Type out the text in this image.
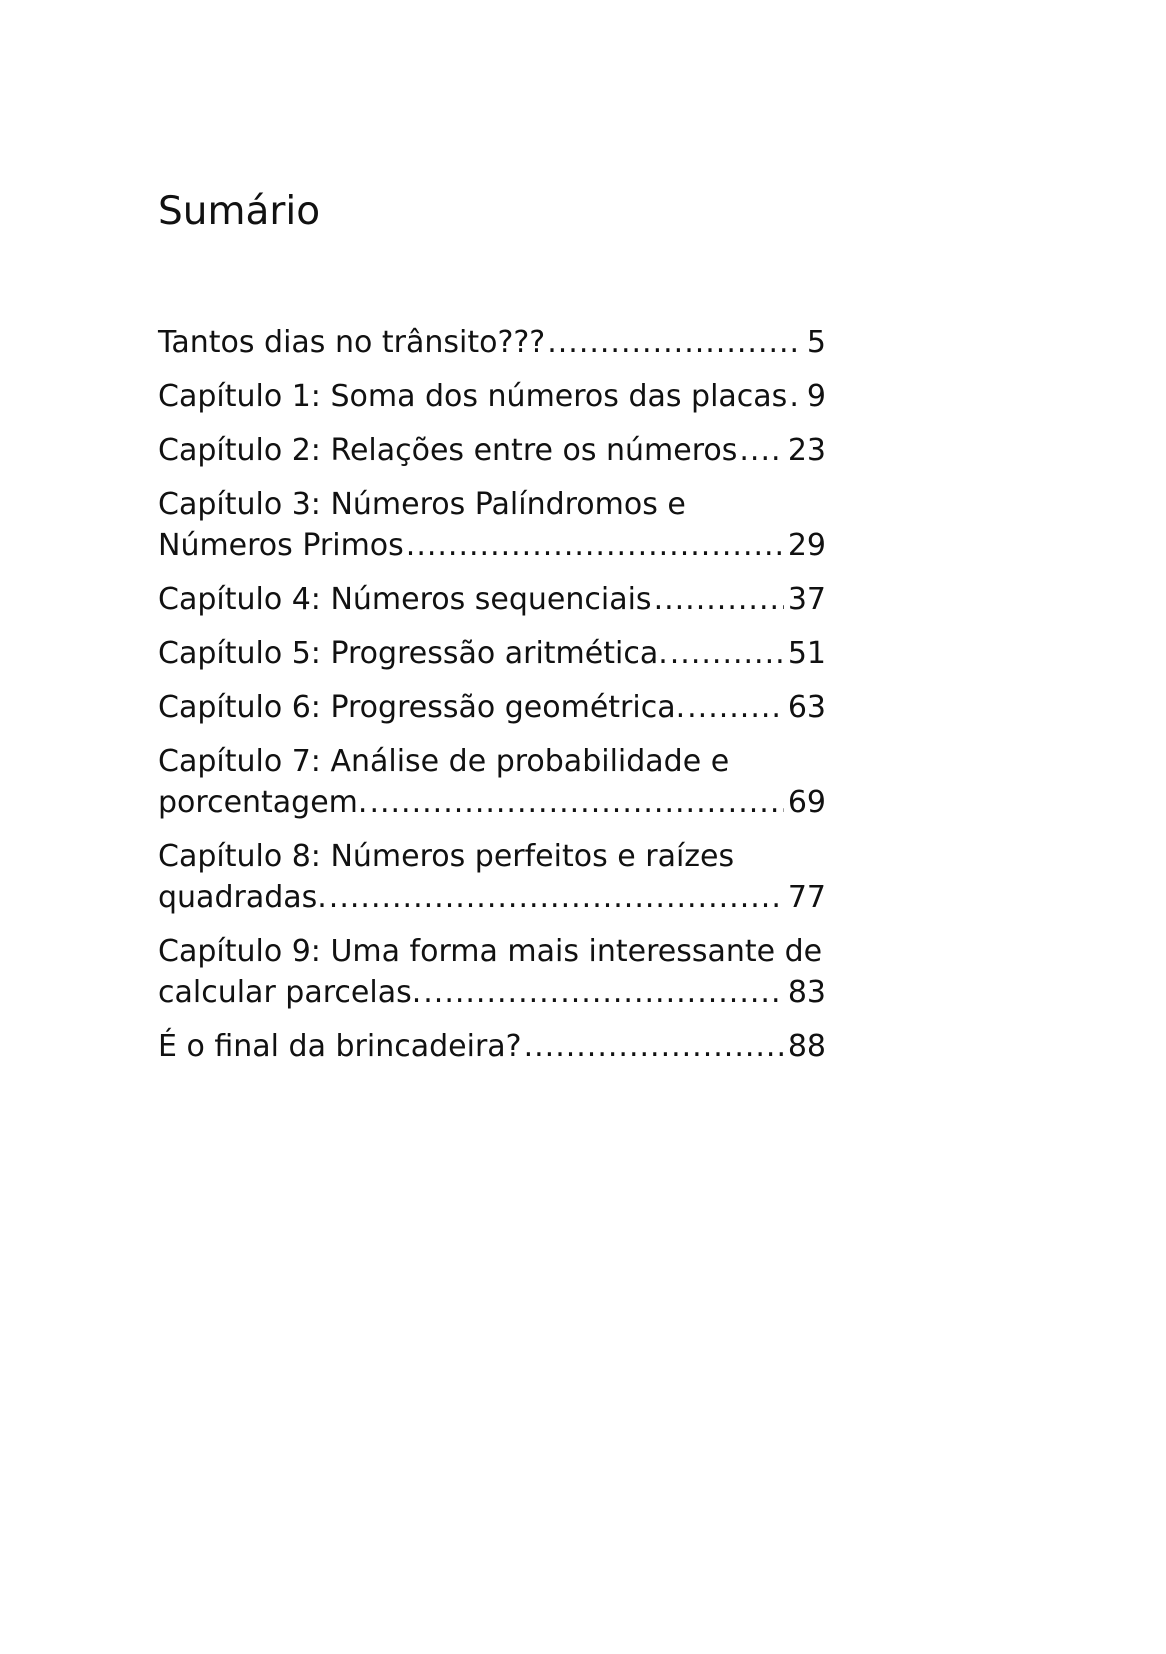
Sumário
Tantos dias no trânsito??? .....	5
Capítulo 1: Soma dos números das placas ..... 9
Capítulo 2: Relações entre os números ..... 23
Capítulo 3: Números Palíndromos e
Números Primos .....	29
Capítulo 4: Números sequenciais .....	37
Capítulo 5: Progressão aritmética. .....	51
Capítulo 6: Progressão geométrica. .....	63
Capítulo 7: Análise de probabilidade e
porcentagem. .....	69
Capítulo 8: Números perfeitos e raízes
quadradas. .....	77
Capítulo 9: Uma forma mais interessante de
calcular parcelas. .....	83
É o final da brincadeira? .....	88
